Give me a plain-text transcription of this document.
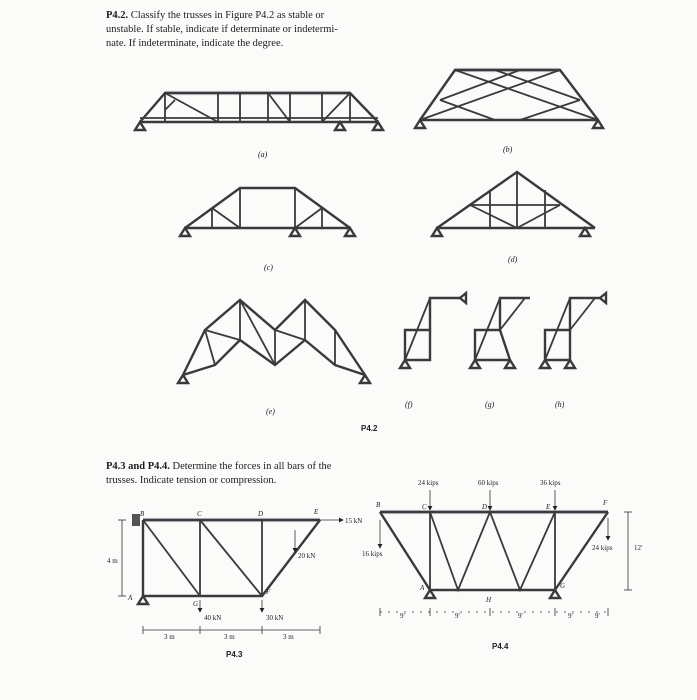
P4.2. Classify the trusses in Figure P4.2 as stable or
unstable. If stable, indicate if determinate or indetermi-
nate. If indeterminate, indicate the degree.
B	C	D	E
F
G
A
15 kN
20 kN
40 kN	30 kN
4 m
3 m	3 m	3 m
B	C	D	E	F
A	G
H
24 kips	60 kips	36 kips
16 kips
24 kips	12'
9'	9'	9'	9'	9'
(a)
(b)
(c)
(d)
(e)
(f)	(g)	(h)
P4.2
P4.3 and P4.4. Determine the forces in all bars of the
trusses. Indicate tension or compression.
P4.3
P4.4
